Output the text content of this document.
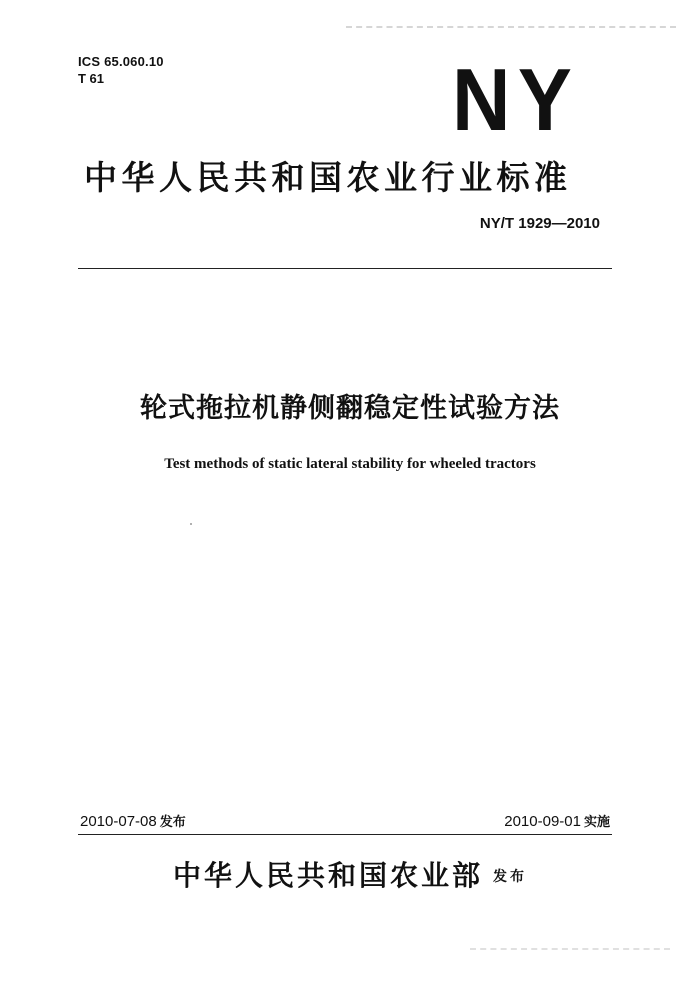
ICS 65.060.10
T 61	NY
中华人民共和国农业行业标准
NY/T 1929—2010
轮式拖拉机静侧翻稳定性试验方法
Test methods of static lateral stability for wheeled tractors
2010-07-08 发布	2010-09-01 实施
中华人民共和国农业部 发布
